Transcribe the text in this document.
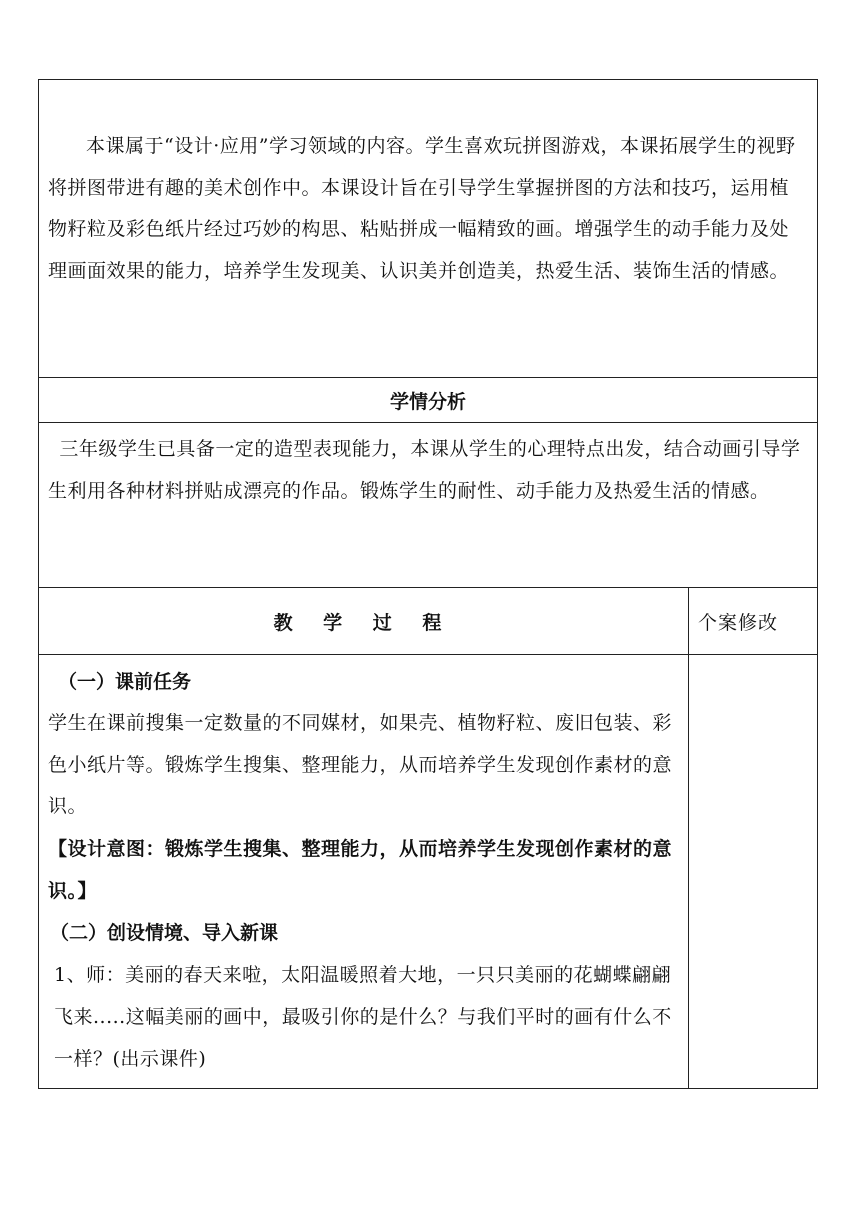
本课属于“设计·应用”学习领域的内容。学生喜欢玩拼图游戏，本课拓展学生的视野将拼图带进有趣的美术创作中。本课设计旨在引导学生掌握拼图的方法和技巧，运用植物籽粒及彩色纸片经过巧妙的构思、粘贴拼成一幅精致的画。增强学生的动手能力及处理画面效果的能力，培养学生发现美、认识美并创造美，热爱生活、装饰生活的情感。	

学情分析	

三年级学生已具备一定的造型表现能力，本课从学生的心理特点出发，结合动画引导学生利用各种材料拼贴成漂亮的作品。锻炼学生的耐性、动手能力及热爱生活的情感。	

教 学 过 程	个案修改

（一）课前任务
学生在课前搜集一定数量的不同媒材，如果壳、植物籽粒、废旧包装、彩色小纸片等。锻炼学生搜集、整理能力，从而培养学生发现创作素材的意识。
【设计意图：锻炼学生搜集、整理能力，从而培养学生发现创作素材的意识。】
（二）创设情境、导入新课
1、师：美丽的春天来啦，太阳温暖照着大地，一只只美丽的花蝴蝶翩翩飞来.....这幅美丽的画中，最吸引你的是什么？与我们平时的画有什么不一样？(出示课件)	
